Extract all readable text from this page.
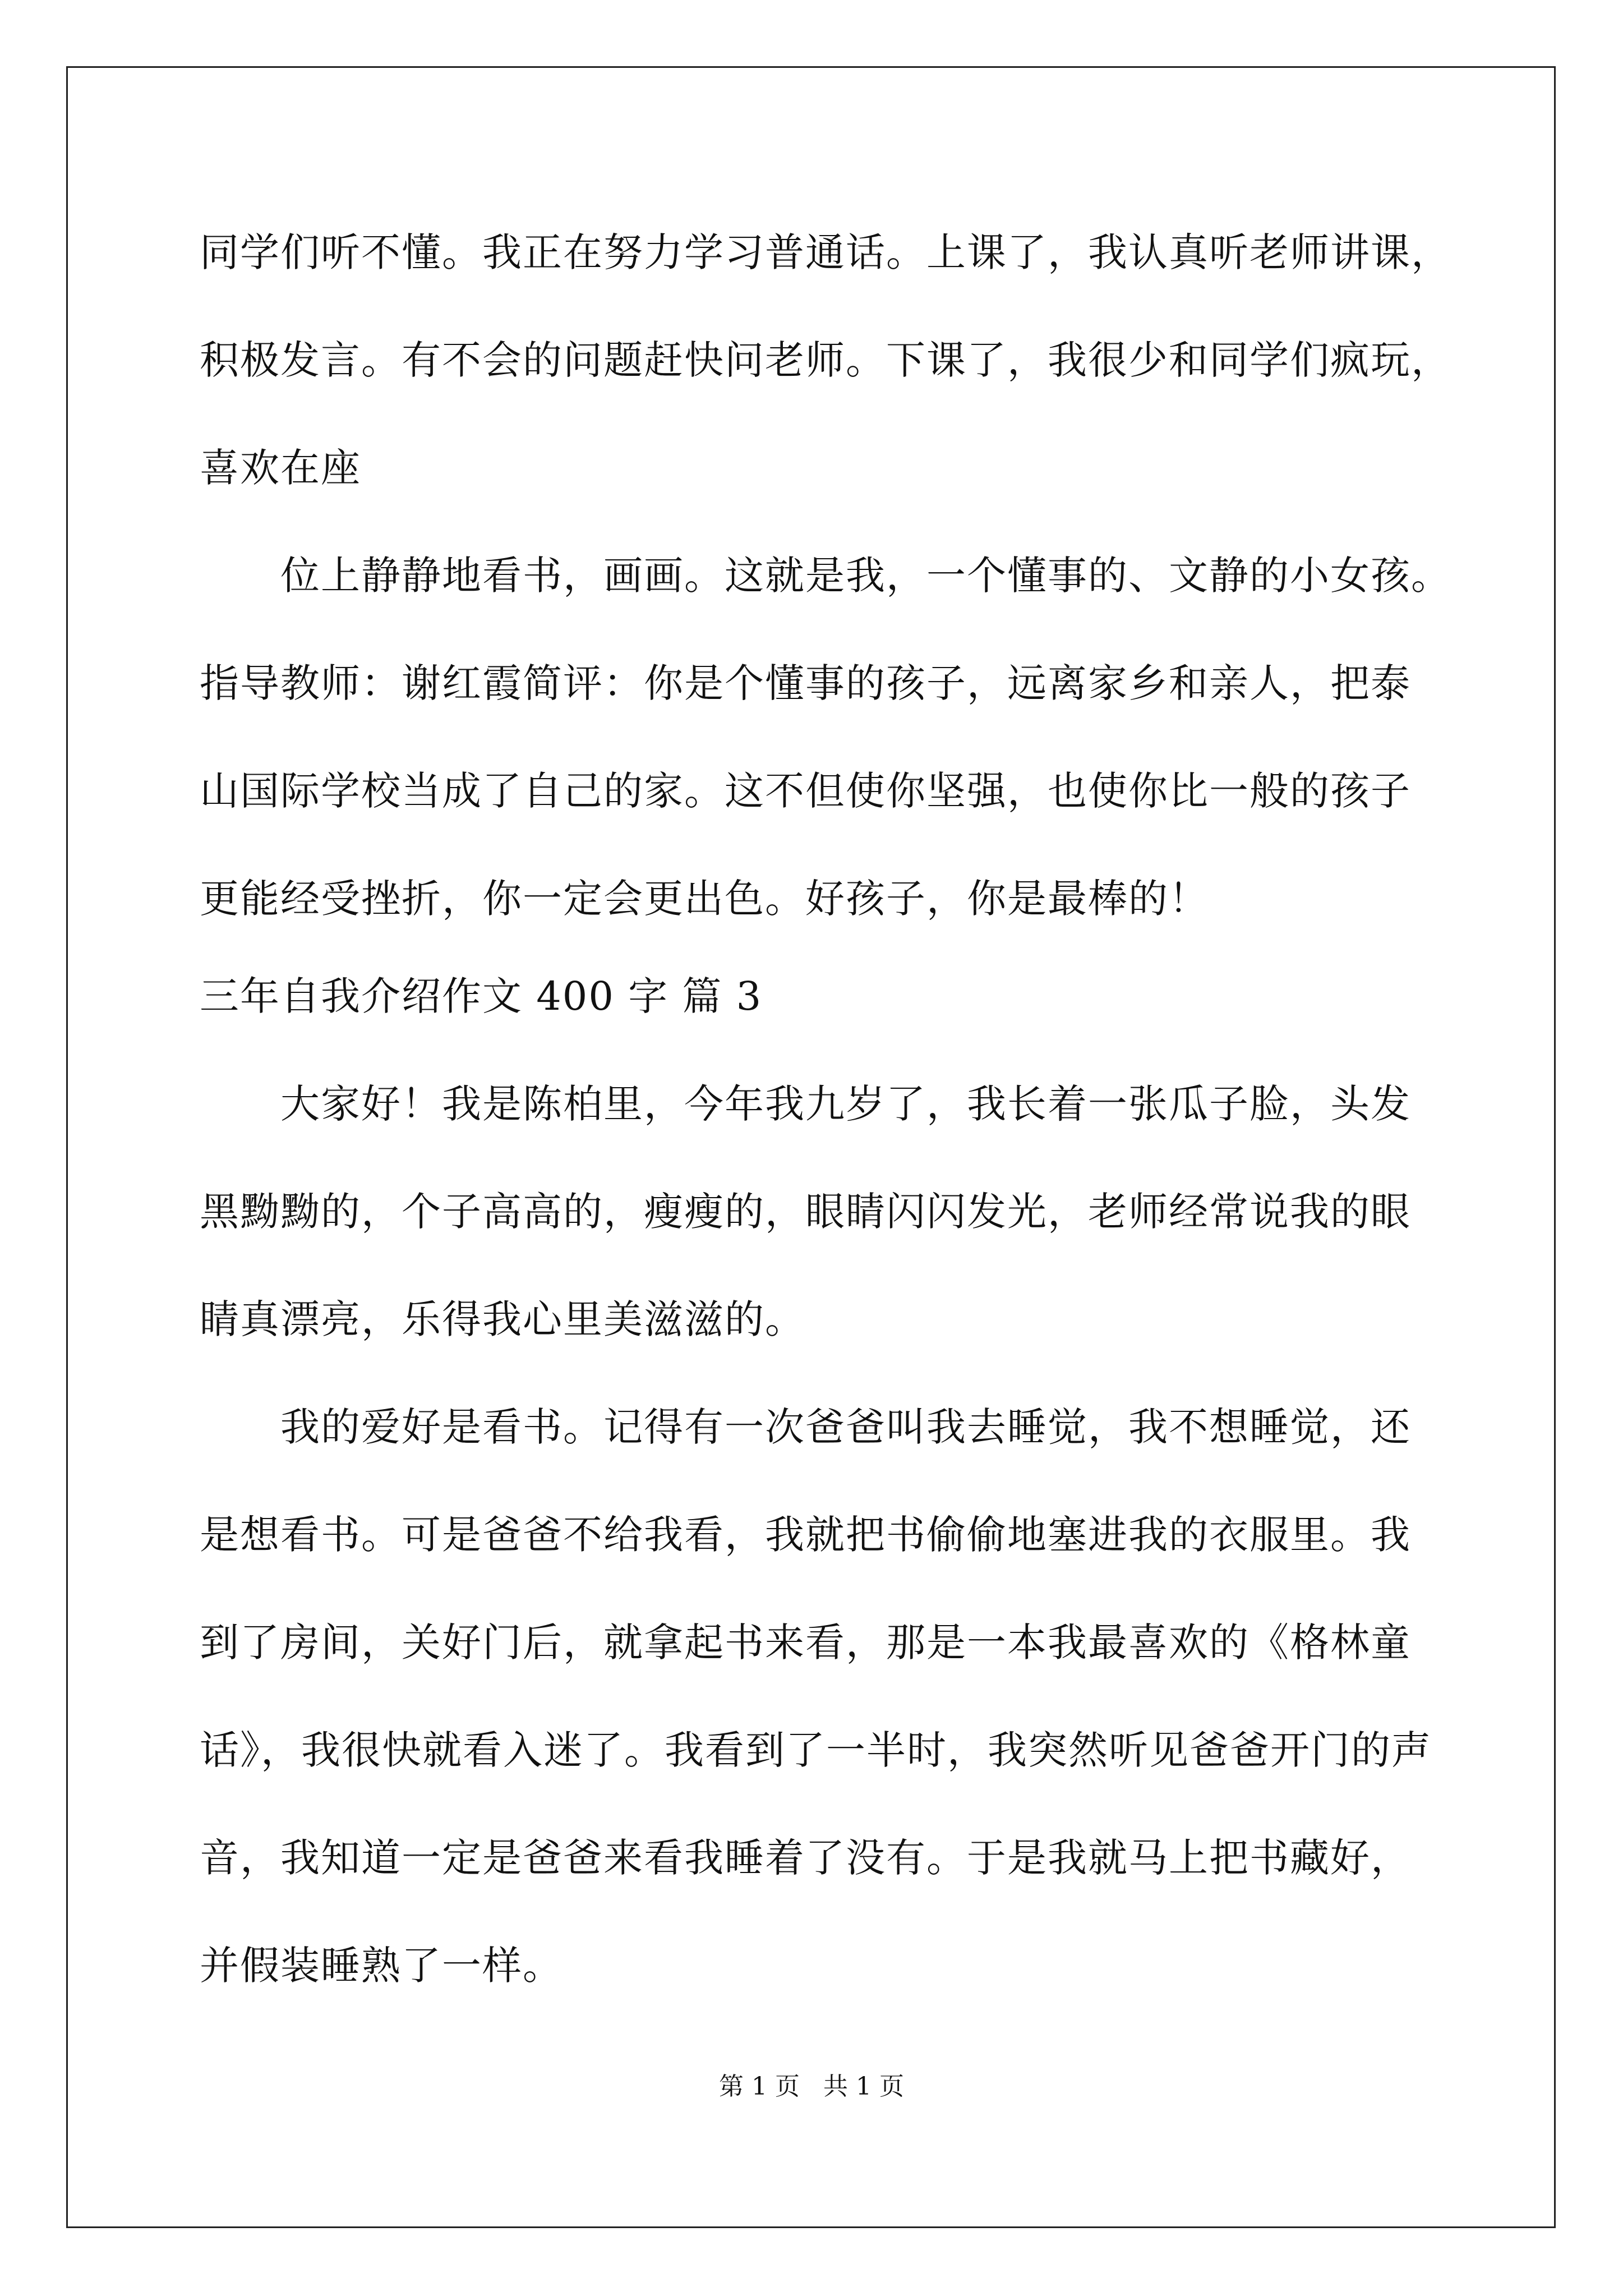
同学们听不懂。我正在努力学习普通话。上课了，我认真听老师讲课，
积极发言。有不会的问题赶快问老师。下课了，我很少和同学们疯玩，
喜欢在座
位上静静地看书，画画。这就是我，一个懂事的、文静的小女孩。
指导教师：谢红霞简评：你是个懂事的孩子，远离家乡和亲人，把泰
山国际学校当成了自己的家。这不但使你坚强，也使你比一般的孩子
更能经受挫折，你一定会更出色。好孩子，你是最棒的！
三年自我介绍作文 400 字 篇 3
大家好！我是陈柏里，今年我九岁了，我长着一张瓜子脸，头发
黑黝黝的，个子高高的，瘦瘦的，眼睛闪闪发光，老师经常说我的眼
睛真漂亮，乐得我心里美滋滋的。
我的爱好是看书。记得有一次爸爸叫我去睡觉，我不想睡觉，还
是想看书。可是爸爸不给我看，我就把书偷偷地塞进我的衣服里。我
到了房间，关好门后，就拿起书来看，那是一本我最喜欢的《格林童
话》，我很快就看入迷了。我看到了一半时，我突然听见爸爸开门的声
音，我知道一定是爸爸来看我睡着了没有。于是我就马上把书藏好，
并假装睡熟了一样。
第 1 页   共 1 页
